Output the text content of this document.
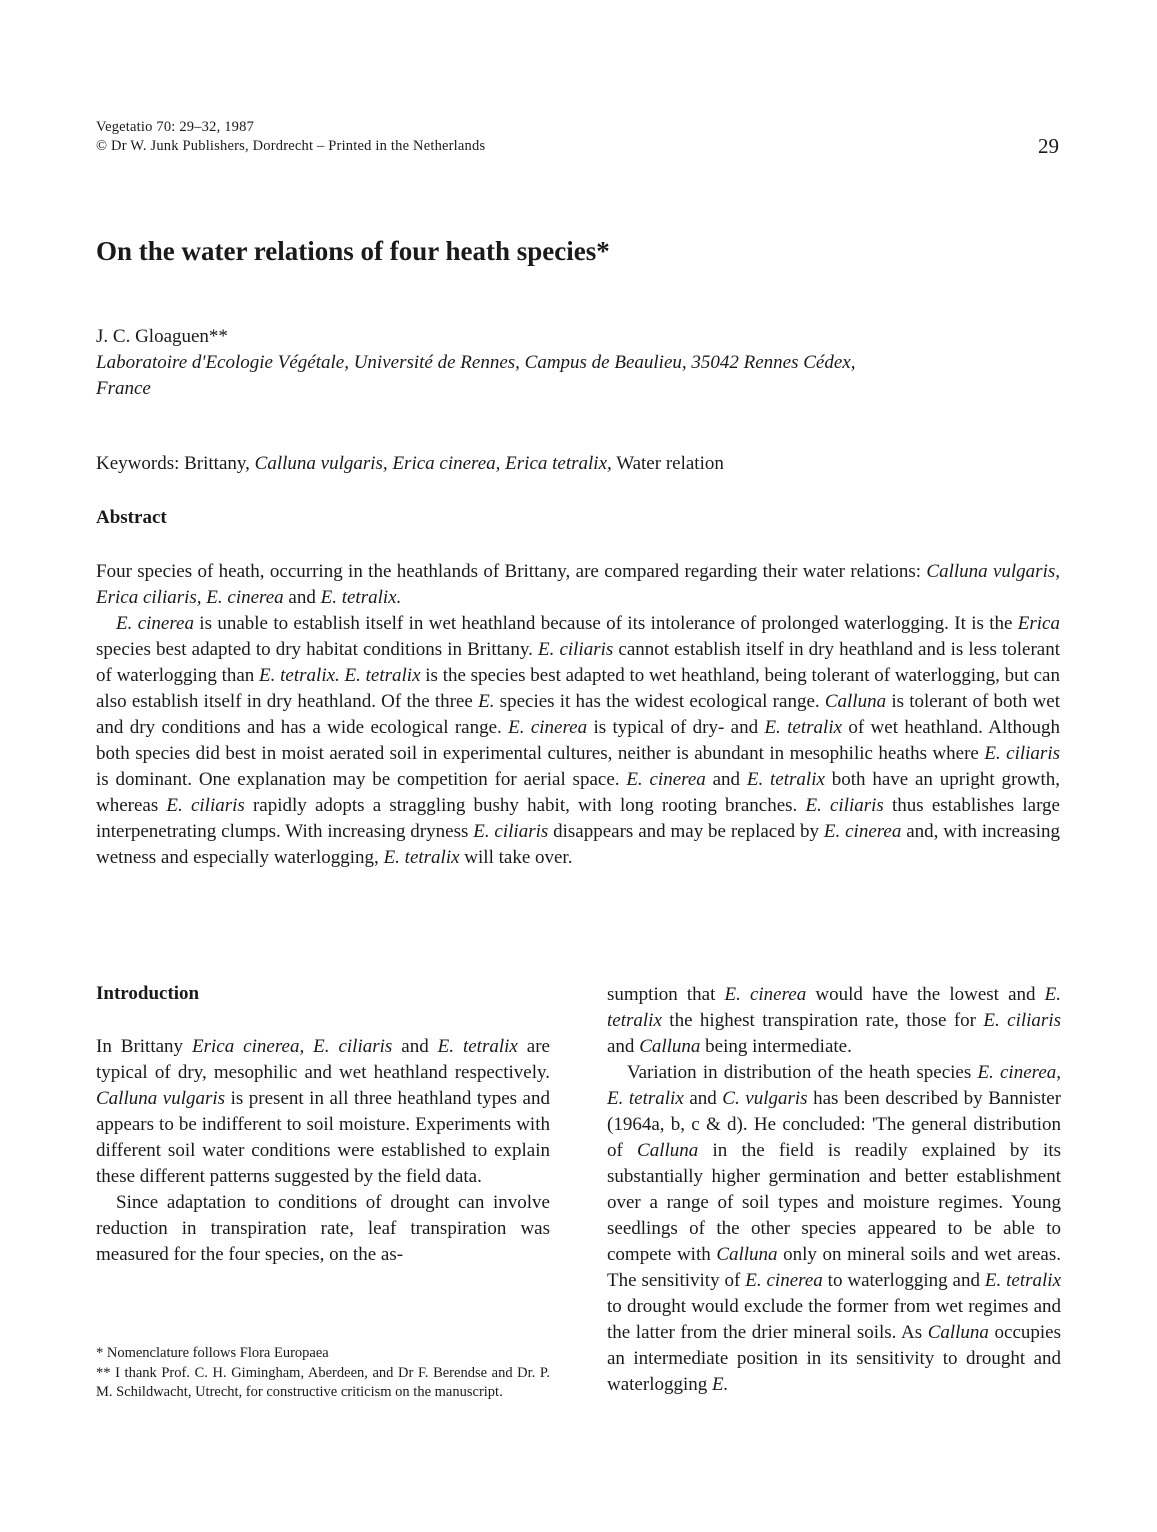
Vegetatio 70: 29–32, 1987
© Dr W. Junk Publishers, Dordrecht – Printed in the Netherlands	29
On the water relations of four heath species*
J. C. Gloaguen**
Laboratoire d'Ecologie Végétale, Université de Rennes, Campus de Beaulieu, 35042 Rennes Cédex,
France
Keywords: Brittany, Calluna vulgaris, Erica cinerea, Erica tetralix, Water relation
Abstract

Four species of heath, occurring in the heathlands of Brittany, are compared regarding their water relations: Calluna vulgaris, Erica ciliaris, E. cinerea and E. tetralix.

E. cinerea is unable to establish itself in wet heathland because of its intolerance of prolonged waterlogging. It is the Erica species best adapted to dry habitat conditions in Brittany. E. ciliaris cannot establish itself in dry heathland and is less tolerant of waterlogging than E. tetralix. E. tetralix is the species best adapted to wet heathland, being tolerant of waterlogging, but can also establish itself in dry heathland. Of the three E. species it has the widest ecological range. Calluna is tolerant of both wet and dry conditions and has a wide ecological range. E. cinerea is typical of dry- and E. tetralix of wet heathland. Although both species did best in moist aerated soil in experimental cultures, neither is abundant in mesophilic heaths where E. ciliaris is dominant. One explanation may be competition for aerial space. E. cinerea and E. tetralix both have an upright growth, whereas E. ciliaris rapidly adopts a straggling bushy habit, with long rooting branches. E. ciliaris thus establishes large interpenetrating clumps. With increasing dryness E. ciliaris disappears and may be replaced by E. cinerea and, with increasing wetness and especially waterlogging, E. tetralix will take over.

Introduction

In Brittany Erica cinerea, E. ciliaris and E. tetralix are typical of dry, mesophilic and wet heathland respectively. Calluna vulgaris is present in all three heathland types and appears to be indifferent to soil moisture. Experiments with different soil water conditions were established to explain these different patterns suggested by the field data.

Since adaptation to conditions of drought can involve reduction in transpiration rate, leaf transpiration was measured for the four species, on the as-

sumption that E. cinerea would have the lowest and E. tetralix the highest transpiration rate, those for E. ciliaris and Calluna being intermediate.

Variation in distribution of the heath species E. cinerea, E. tetralix and C. vulgaris has been described by Bannister (1964a, b, c & d). He concluded: 'The general distribution of Calluna in the field is readily explained by its substantially higher germination and better establishment over a range of soil types and moisture regimes. Young seedlings of the other species appeared to be able to compete with Calluna only on mineral soils and wet areas. The sensitivity of E. cinerea to waterlogging and E. tetralix to drought would exclude the former from wet regimes and the latter from the drier mineral soils. As Calluna occupies an intermediate position in its sensitivity to drought and waterlogging E.

* Nomenclature follows Flora Europaea

** I thank Prof. C. H. Gimingham, Aberdeen, and Dr F. Berendse and Dr. P. M. Schildwacht, Utrecht, for constructive criticism on the manuscript.
